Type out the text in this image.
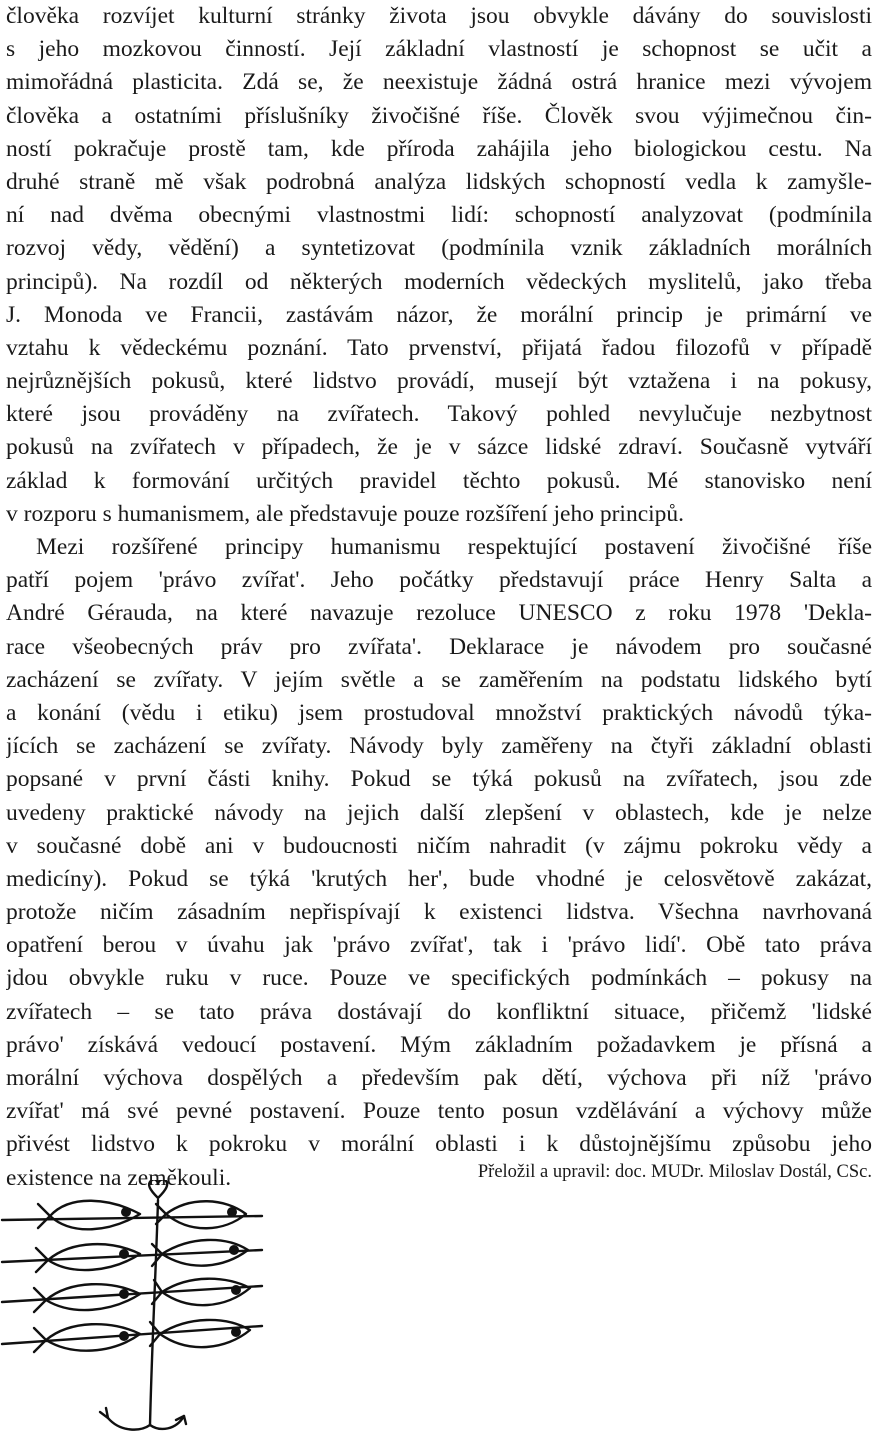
člověka rozvíjet kulturní stránky života jsou obvykle dávány do souvislosti
s jeho mozkovou činností. Její základní vlastností je schopnost se učit a
mimořádná plasticita. Zdá se, že neexistuje žádná ostrá hranice mezi vývojem
člověka a ostatními příslušníky živočišné říše. Člověk svou výjimečnou čin-
ností pokračuje prostě tam, kde příroda zahájila jeho biologickou cestu. Na
druhé straně mě však podrobná analýza lidských schopností vedla k zamyšle-
ní nad dvěma obecnými vlastnostmi lidí: schopností analyzovat (podmínila
rozvoj vědy, vědění) a syntetizovat (podmínila vznik základních morálních
principů). Na rozdíl od některých moderních vědeckých myslitelů, jako třeba
J. Monoda ve Francii, zastávám názor, že morální princip je primární ve
vztahu k vědeckému poznání. Tato prvenství, přijatá řadou filozofů v případě
nejrůznějších pokusů, které lidstvo provádí, musejí být vztažena i na pokusy,
které jsou prováděny na zvířatech. Takový pohled nevylučuje nezbytnost
pokusů na zvířatech v případech, že je v sázce lidské zdraví. Současně vytváří
základ k formování určitých pravidel těchto pokusů. Mé stanovisko není
v rozporu s humanismem, ale představuje pouze rozšíření jeho principů.
Mezi rozšířené principy humanismu respektující postavení živočišné říše
patří pojem 'právo zvířat'. Jeho počátky představují práce Henry Salta a
André Gérauda, na které navazuje rezoluce UNESCO z roku 1978 'Dekla-
race všeobecných práv pro zvířata'. Deklarace je návodem pro současné
zacházení se zvířaty. V jejím světle a se zaměřením na podstatu lidského bytí
a konání (vědu i etiku) jsem prostudoval množství praktických návodů týka-
jících se zacházení se zvířaty. Návody byly zaměřeny na čtyři základní oblasti
popsané v první části knihy. Pokud se týká pokusů na zvířatech, jsou zde
uvedeny praktické návody na jejich další zlepšení v oblastech, kde je nelze
v současné době ani v budoucnosti ničím nahradit (v zájmu pokroku vědy a
medicíny). Pokud se týká 'krutých her', bude vhodné je celosvětově zakázat,
protože ničím zásadním nepřispívají k existenci lidstva. Všechna navrhovaná
opatření berou v úvahu jak 'právo zvířat', tak i 'právo lidí'. Obě tato práva
jdou obvykle ruku v ruce. Pouze ve specifických podmínkách – pokusy na
zvířatech – se tato práva dostávají do konfliktní situace, přičemž 'lidské
právo' získává vedoucí postavení. Mým základním požadavkem je přísná a
morální výchova dospělých a především pak dětí, výchova při níž 'právo
zvířat' má své pevné postavení. Pouze tento posun vzdělávání a výchovy může
přivést lidstvo k pokroku v morální oblasti i k důstojnějšímu způsobu jeho
existence na zeměkouli.	Přeložil a upravil: doc. MUDr. Miloslav Dostál, CSc.
